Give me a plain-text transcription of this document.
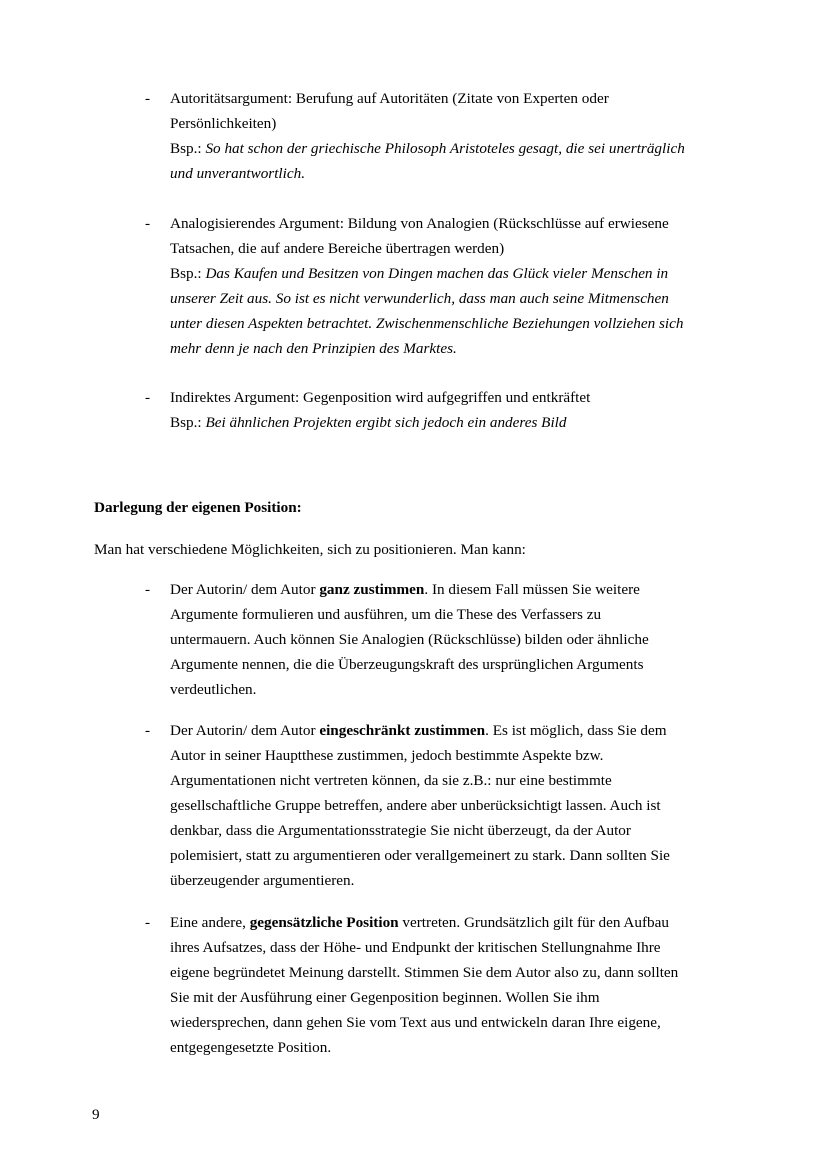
- Autoritätsargument: Berufung auf Autoritäten (Zitate von Experten oder
Persönlichkeiten)
Bsp.: So hat schon der griechische Philosoph Aristoteles gesagt, die sei unerträglich
und unverantwortlich.
- Analogisierendes Argument: Bildung von Analogien (Rückschlüsse auf erwiesene
Tatsachen, die auf andere Bereiche übertragen werden)
Bsp.: Das Kaufen und Besitzen von Dingen machen das Glück vieler Menschen in
unserer Zeit aus. So ist es nicht verwunderlich, dass man auch seine Mitmenschen
unter diesen Aspekten betrachtet. Zwischenmenschliche Beziehungen vollziehen sich
mehr denn je nach den Prinzipien des Marktes.
- Indirektes Argument: Gegenposition wird aufgegriffen und entkräftet
Bsp.: Bei ähnlichen Projekten ergibt sich jedoch ein anderes Bild
Darlegung der eigenen Position:
Man hat verschiedene Möglichkeiten, sich zu positionieren. Man kann:
- Der Autorin/ dem Autor ganz zustimmen. In diesem Fall müssen Sie weitere
Argumente formulieren und ausführen, um die These des Verfassers zu
untermauern. Auch können Sie Analogien (Rückschlüsse) bilden oder ähnliche
Argumente nennen, die die Überzeugungskraft des ursprünglichen Arguments
verdeutlichen.
- Der Autorin/ dem Autor eingeschränkt zustimmen. Es ist möglich, dass Sie dem
Autor in seiner Hauptthese zustimmen, jedoch bestimmte Aspekte bzw.
Argumentationen nicht vertreten können, da sie z.B.: nur eine bestimmte
gesellschaftliche Gruppe betreffen, andere aber unberücksichtigt lassen. Auch ist
denkbar, dass die Argumentationsstrategie Sie nicht überzeugt, da der Autor
polemisiert, statt zu argumentieren oder verallgemeinert zu stark. Dann sollten Sie
überzeugender argumentieren.
- Eine andere, gegensätzliche Position vertreten. Grundsätzlich gilt für den Aufbau
ihres Aufsatzes, dass der Höhe- und Endpunkt der kritischen Stellungnahme Ihre
eigene begründetet Meinung darstellt. Stimmen Sie dem Autor also zu, dann sollten
Sie mit der Ausführung einer Gegenposition beginnen. Wollen Sie ihm
wiedersprechen, dann gehen Sie vom Text aus und entwickeln daran Ihre eigene,
entgegengesetzte Position.
9
